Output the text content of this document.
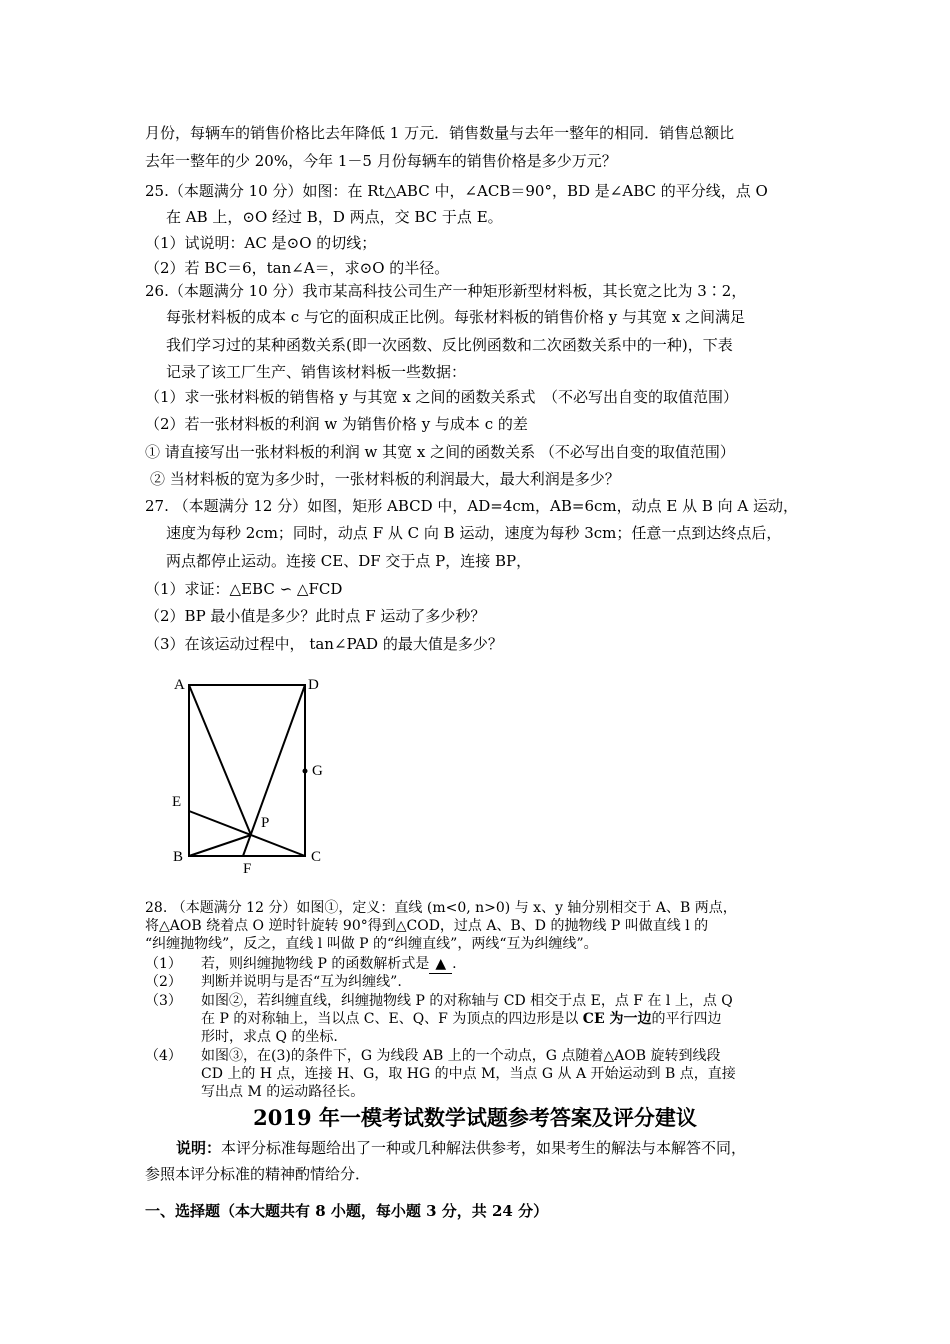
月份，每辆车的销售价格比去年降低 1 万元．销售数量与去年一整年的相同．销售总额比
去年一整年的少 20%，今年 1－5 月份每辆车的销售价格是多少万元？
25.（本题满分 10 分）如图：在 Rt△ABC 中，∠ACB＝90°，BD 是∠ABC 的平分线，点 O
在 AB 上，⊙O 经过 B，D 两点，交 BC 于点 E。
（1）试说明：AC 是⊙O 的切线；
（2）若 BC＝6，tan∠A＝，求⊙O 的半径。
26.（本题满分 10 分）我市某高科技公司生产一种矩形新型材料板，其长宽之比为 3∶2，
每张材料板的成本 c 与它的面积成正比例。每张材料板的销售价格 y 与其宽 x 之间满足
我们学习过的某种函数关系(即一次函数、反比例函数和二次函数关系中的一种)，下表
记录了该工厂生产、销售该材料板一些数据：
（1）求一张材料板的销售格 y 与其宽 x 之间的函数关系式　（不必写出自变的取值范围）
（2）若一张材料板的利润 w 为销售价格 y 与成本 c 的差
① 请直接写出一张材料板的利润 w 其宽 x 之间的函数关系 （不必写出自变的取值范围）
② 当材料板的宽为多少时，一张材料板的利润最大，最大利润是多少？
27. （本题满分 12 分）如图，矩形 ABCD 中，AD=4cm，AB=6cm，动点 E 从 B 向 A 运动，
速度为每秒 2cm；同时，动点 F 从 C 向 B 运动，速度为每秒 3cm；任意一点到达终点后，
两点都停止运动。连接 CE、DF 交于点 P，连接 BP，
（1）求证：△EBC ∽ △FCD
（2）BP 最小值是多少？此时点 F 运动了多少秒？
（3）在该运动过程中， tan∠PAD 的最大值是多少？
A	D
G
E
P
B	C
F
28. （本题满分 12 分）如图①，定义：直线 (m<0, n>0) 与 x、y 轴分别相交于 A、B 两点，
将△AOB 绕着点 O 逆时针旋转 90°得到△COD，过点 A、B、D 的抛物线 P 叫做直线 l 的
“纠缠抛物线”，反之，直线 l 叫做 P 的“纠缠直线”，两线“互为纠缠线”。
（1） 若，则纠缠抛物线 P 的函数解析式是 ▲ .
（2） 判断并说明与是否“互为纠缠线”.
（3） 如图②，若纠缠直线，纠缠抛物线 P 的对称轴与 CD 相交于点 E，点 F 在 l 上，点 Q
在 P 的对称轴上，当以点 C、E、Q、F 为顶点的四边形是以 CE 为一边的平行四边
形时，求点 Q 的坐标.
（4） 如图③，在(3)的条件下，G 为线段 AB 上的一个动点，G 点随着△AOB 旋转到线段
CD 上的 H 点，连接 H、G，取 HG 的中点 M，当点 G 从 A 开始运动到 B 点，直接
写出点 M 的运动路径长。
2019 年一模考试数学试题参考答案及评分建议
说明：本评分标准每题给出了一种或几种解法供参考，如果考生的解法与本解答不同，
参照本评分标准的精神酌情给分．
一、选择题（本大题共有 8 小题，每小题 3 分，共 24 分）
